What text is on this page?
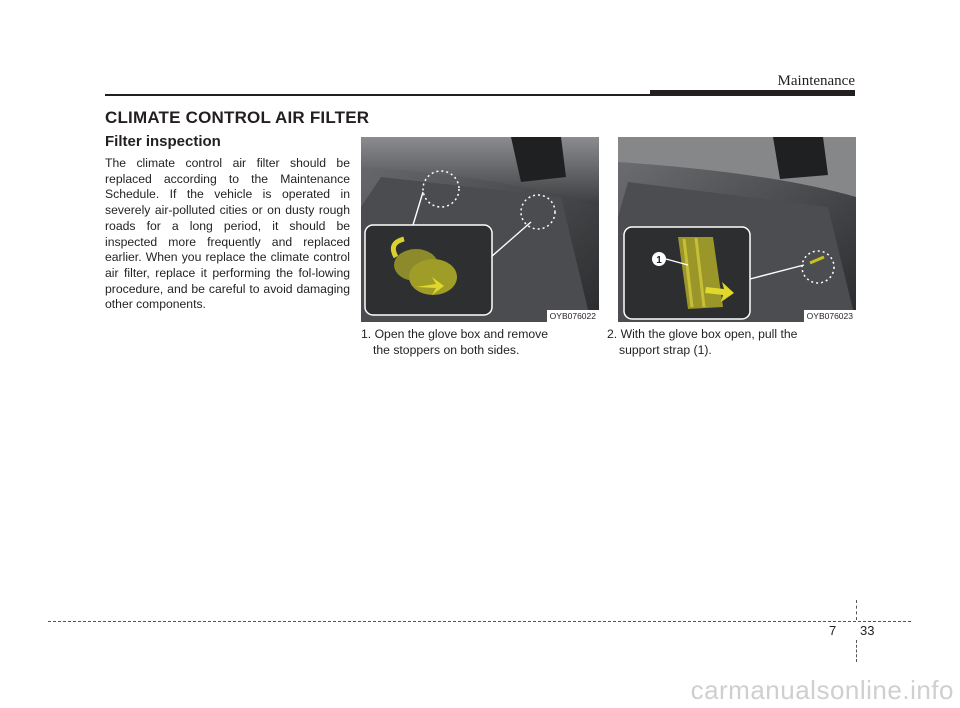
Maintenance
CLIMATE CONTROL AIR FILTER
Filter inspection

The climate control air filter should be replaced according to the Maintenance Schedule. If the vehicle is operated in severely air-polluted cities or on dusty rough roads for a long period, it should be inspected more frequently and replaced earlier. When you replace the climate control air filter, replace it performing the fol-lowing procedure, and be careful to avoid damaging other components.

OYB076022
1
OYB076023
1. Open the glove box and remove
the stoppers on both sides.
2. With the glove box open, pull the
support strap (1).
7 33
carmanualsonline.info
